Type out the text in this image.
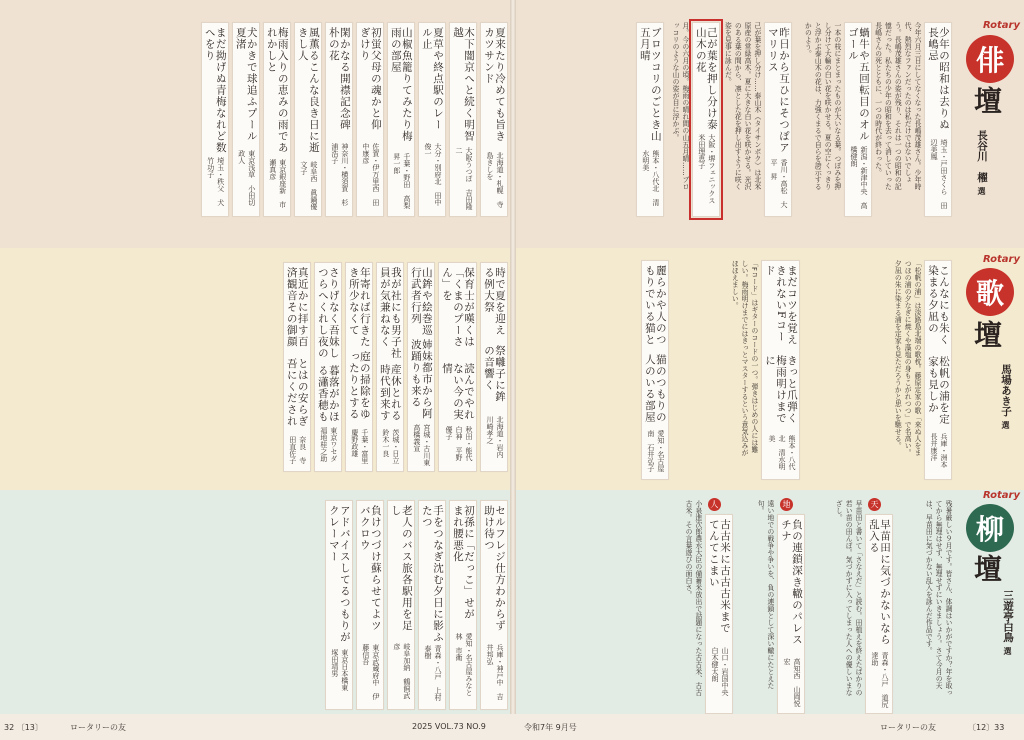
Rotary
俳
壇
長谷川　櫂選
少年の昭和は去りぬ長嶋忌
埼玉・戸田さくら　田辺美鳳
今年六月三日にしてなくなった長嶋茂雄さん。少年時代、熱烈なファンだったのは私だけではないでしょう。長嶋茂雄さんの姿が残り、それは一つの昭和の記憶だった。私たちの少年の昭和を去って消していった長嶋さんの死とともに、一つの時代が終わった。
蝸牛や五回転目のオルゴール
新潟・新津中央　高橋健朗
一本の枝にまとまったものが大いなる葉。つぼみを押し分けて大輪の白い花を咲かせる。夏の空にくっきりと浮かぶ泰山木の花は、力強くまるで自らを誇示するかのよう。
昨日から互ひにそつぽアマリリス
香川・高松　大平　昇
己が葉を押し分け……泰山木（タイサンボク）は北米原産の常緑高木。夏に大きな白い花を咲かせる。光沢のある葉の間から、凛とした花を押し出すように咲く姿を見事に詠んだ。
己が葉を押し分け泰山木の花
大阪・堺フェニックス　米田理恵子
月。今の六月の頃。梅雨の晴れ間の山五月晴……ブロッコリのような山の姿が目に浮かぶ。
ブロツコリのごとき山五月晴
熊本・八代北　清水明美
Rotary
歌
壇
馬場あき子選
こんなにも朱く染まる夕凪の
松帆の浦を定家も見しか
兵庫・洲本　長井康洋
「松帆の浦」は淡路島北端の歌枕。藤原定家の歌「来ぬ人をまつほの浦の夕なぎに焼くや藻塩の身もこがれつつ」で名高い。夕凪の朱に染まる浦を定家も見ただろうかと思いを馳せる。
まだコツを覚えきれないFコード
きっと爪弾く梅雨明けまでに
熊本・八代北　清水明美
「Fコード」はギターのコードの一つ。弾きはじめの人には難しい。梅雨明けまでにはきっとマスターするという意気込みがほほえましい。
麗らかや人のつもりでいる猫と
猫のつもりの人のいる部屋
愛知・名古屋南　石井弘子
Rotary
柳
壇
三遊亭白鳥選
残暑厳しい９月です。皆さん、体調はいかがですか？年を取ってから無理はせず、無理せずにいきましょう。さて今月の天は、早苗田に気づかない乱入を詠んだ作品です。
天
早苗田に気づかないなら乱入る
青森・八戸　道尻達助
早苗田と書いて「さなえだ」と読む。田植えを終えたばかりの若い苗の田んぼ。気づかずに入ってしまった人への優しいまなざし。
地
負の連鎖深き轍のパレスチナ
高知西　山岡悦宏
遠い地での戦争や争いを、負の連鎖として深い轍にたとえた句。
人
古古米に古古古米までてんてこまい
山口・岩国中央　白木健太朗
小泉進次郎農水大臣の備蓄米放出で話題になった古古米、古古古米。その言葉遊びの面白さ。
夏来たり冷めても旨きカツサンド
北海道・札幌　寺島きしを
木下闇京へと続く明智越
大阪うつぼ　吉田隆二
夏草や終点駅のレール止
大分・別府北　田中俊一
山椒魚籠りてみたり梅雨の部屋
千葉・野田　高梨昇一郎
初蛍父母の魂かと仰ぎけり
佐賀・伊万里西　田中康彦
閑かなる開襟記念碑朴の花
神奈川・横須賀　杉浦浩子
風薫るこんな良き日に逝きし人
岐阜西　眞鍋優文子
梅雨入りの恵みの雨であれかしと
東京銀座新　市瀬真彦
犬かきで球追ふプール夏渚
東京浅草　小田切政人
まだ拗げぬ青梅なれど数へをり
埼玉・秩父　犬竹功子
時で夏を迎える例大祭
祭囃子に鉾の音響く
北海道・岩内　川崎孝之
保育士が嘆くは「くまのプーさん」を
読んでやれない今の実情
秋田・能代白神　平野優子
山鉾や絵巻巡行武者行列
姉妹都市から阿波踊りも来る
宮城・古川東　高橋義宣
我が社にも男子社員が気兼ねなく
産休とれる時代到来す
茨城・日立　鈴木一良
年寄れば行きたき所少なくて
庭の掃除をゆったりとする
千葉・富里　慶野政雄
さりげなく吾妹しつらへくれし夜の
暮落がかほる瀟香穂も
東京ワセダ　福地桂之助
真近かに拝す百済観音その御顔
とはの安らぎ吾にくだされ
奈良　寺田直佐子
セルフレジ仕方わからず助け待つ
兵庫・神戸中　吉井邦弘
初孫に「だっこ」せがまれ腰悪化
愛知・名古屋みなと　林　市衛
手をつなぎ沈む夕日に影ふたつ
青森・八戸　上村泰樹
老人のバス旅各駅用を足し
岐阜加納　鶴飼武彦
負けつづけ蘇らせてよツバクロウ
東京武蔵府中　伊藤信吾
アドバイスしてるつもりがクレーマー
東京日本橋東　塚田靖男
32 〔13〕	ロータリーの友	2025 VOL.73 NO.9	令和7年 9月号	ロータリーの友	〔12〕33
